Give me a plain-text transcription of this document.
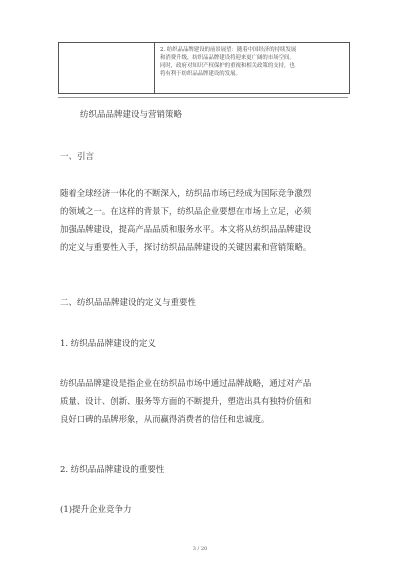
2. 纺织品品牌建设的前景展望：随着中国经济的持续发展

和消费升级，纺织品品牌建设将迎来更广阔的市场空间。

同时，政府对知识产权保护的重视和相关政策的支持，也

将有利于纺织品品牌建设的发展。

纺织品品牌建设与营销策略
一、引言

随着全球经济一体化的不断深入，纺织品市场已经成为国际竞争激烈

的领域之一。在这样的背景下，纺织品企业要想在市场上立足，必须

加强品牌建设，提高产品品质和服务水平。本文将从纺织品品牌建设

的定义与重要性入手，探讨纺织品品牌建设的关键因素和营销策略。

二、纺织品品牌建设的定义与重要性
1. 纺织品品牌建设的定义

纺织品品牌建设是指企业在纺织品市场中通过品牌战略，通过对产品

质量、设计、创新、服务等方面的不断提升，塑造出具有独特价值和

良好口碑的品牌形象，从而赢得消费者的信任和忠诚度。

2. 纺织品品牌建设的重要性
(1)提升企业竞争力
3 / 20
